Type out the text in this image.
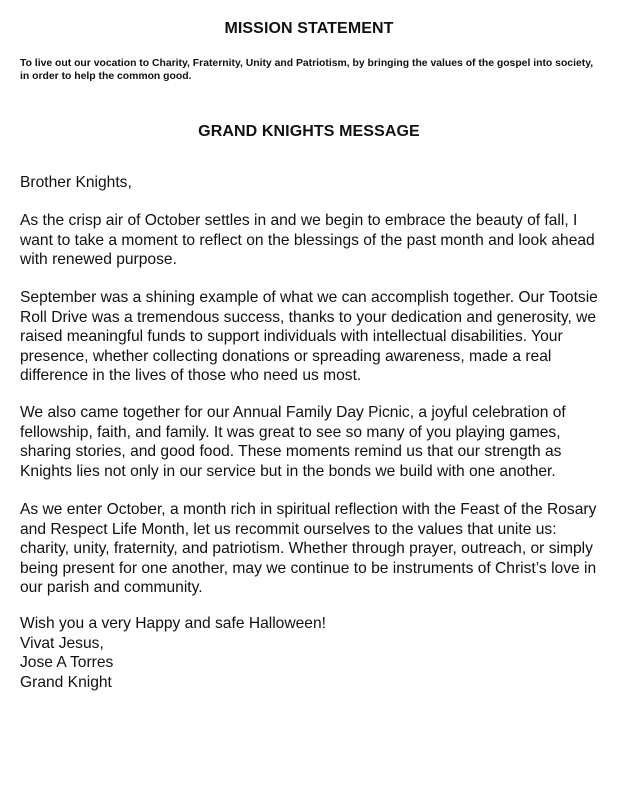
MISSION STATEMENT
To live out our vocation to Charity, Fraternity, Unity and Patriotism, by bringing the values of the gospel into society, in order to help the common good.
GRAND KNIGHTS MESSAGE
Brother Knights,

As the crisp air of October settles in and we begin to embrace the beauty of fall, I want to take a moment to reflect on the blessings of the past month and look ahead with renewed purpose.

September was a shining example of what we can accomplish together. Our Tootsie Roll Drive was a tremendous success, thanks to your dedication and generosity, we raised meaningful funds to support individuals with intellectual disabilities. Your presence, whether collecting donations or spreading awareness, made a real difference in the lives of those who need us most.

We also came together for our Annual Family Day Picnic, a joyful celebration of fellowship, faith, and family. It was great to see so many of you playing games, sharing stories, and good food. These moments remind us that our strength as Knights lies not only in our service but in the bonds we build with one another.

As we enter October, a month rich in spiritual reflection with the Feast of the Rosary and Respect Life Month, let us recommit ourselves to the values that unite us: charity, unity, fraternity, and patriotism. Whether through prayer, outreach, or simply being present for one another, may we continue to be instruments of Christ’s love in our parish and community.

Wish you a very Happy and safe Halloween!
Vivat Jesus,
Jose A Torres
Grand Knight
